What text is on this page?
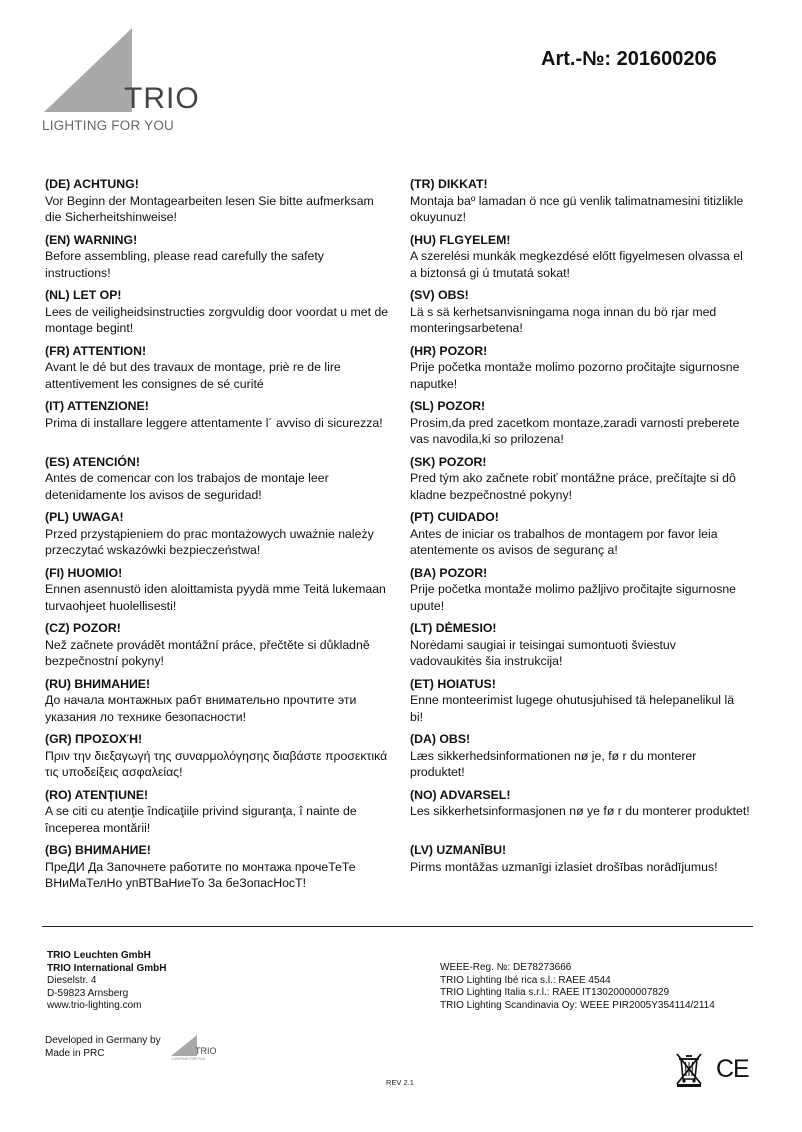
TRIO
LIGHTING FOR YOU
Art.-№: 201600206
(DE) ACHTUNG!
Vor Beginn der Montagearbeiten lesen Sie bitte aufmerksam die Sicherheitshinweise!
(EN) WARNING!
Before assembling, please read carefully the safety instructions!
(NL) LET OP!
Lees de veiligheidsinstructies zorgvuldig door voordat u met de montage begint!
(FR) ATTENTION!
Avant le dé but des travaux de montage, priè re de lire attentivement les consignes de sé curité
(IT) ATTENZIONE!
Prima di installare leggere attentamente l´ avviso di sicurezza!
(ES) ATENCIÓN!
Antes de comencar con los trabajos de montaje leer detenidamente los avisos de seguridad!
(PL) UWAGA!
Przed przystąpieniem do prac montażowych uważnie należy przeczytać wskazówki bezpieczeństwa!
(FI) HUOMIO!
Ennen asennustö iden aloittamista pyydä mme Teitä lukemaan turvaohjeet huolellisesti!
(CZ) POZOR!
Než začnete provádět montážní práce, přečtěte si důkladně bezpečnostní pokyny!
(RU) ВНИМАНИЕ!
До начала монтажных рабт внимательно прочтите эти указания ло технике безопасности!
(GR) ΠΡΟΣΟΧΉ!
Πριν την διεξαγωγή της συναρμολόγησης διαβάστε προσεκτικά τις υποδείξεις ασφαλείας!
(RO) ATENŢIUNE!
A se citi cu atenţie îndicaţiile privind siguranţa, î nainte de începerea montării!
(BG) ВНИМАНИЕ!
ПреДИ Да Започнете работите по монтажа прочеТеТе ВНиМаТелНо упВТВаНиеТо За беЗопасНосТ!
(TR) DIKKAT!
Montaja baº lamadan ö nce gü venlik talimatnamesini titizlikle okuyunuz!
(HU) FLGYELEM!
A szerelési munkák megkezdésé előtt figyelmesen olvassa el a biztonsá gi ú tmutatá sokat!
(SV) OBS!
Lä s sä kerhetsanvisningama noga innan du bö rjar med monteringsarbetena!
(HR) POZOR!
Prije početka montaže molimo pozorno pročitajte sigurnosne naputke!
(SL) POZOR!
Prosim,da pred zacetkom montaze,zaradi varnosti preberete vas navodila,ki so prilozena!
(SK) POZOR!
Pred tým ako začnete robiť montážne práce, prečítajte si dô kladne bezpečnostné pokyny!
(PT) CUIDADO!
Antes de iniciar os trabalhos de montagem por favor leia atentemente os avisos de seguranç a!
(BA) POZOR!
Prije početka montaže molimo pažljivo pročitajte sigurnosne upute!
(LT) DĖMESIO!
Norėdami saugiai ir teisingai sumontuoti šviestuv vadovaukitės šia instrukcija!
(ET) HOIATUS!
Enne monteerimist lugege ohutusjuhised tä helepanelikul lä bi!
(DA) OBS!
Læs sikkerhedsinformationen nø je, fø r du monterer produktet!
(NO) ADVARSEL!
Les sikkerhetsinformasjonen nø ye fø r du monterer produktet!
(LV) UZMANĪBU!
Pirms montāžas uzmanīgi izlasiet drošības norādījumus!
TRIO Leuchten GmbH
TRIO International GmbH
Dieselstr. 4
D-59823 Arnsberg
www.trio-lighting.com
WEEE-Reg. №: DE78273666
TRIO Lighting Ibé rica s.l.: RAEE 4544
TRIO Lighting Italia s.r.l.: RAEE IT13020000007829
TRIO Lighting Scandinavia Oy: WEEE PIR2005Y354114/2114
Developed in Germany by
Made in PRC	TRIO
LIGHTING FOR YOU
REV 2.1	CE
